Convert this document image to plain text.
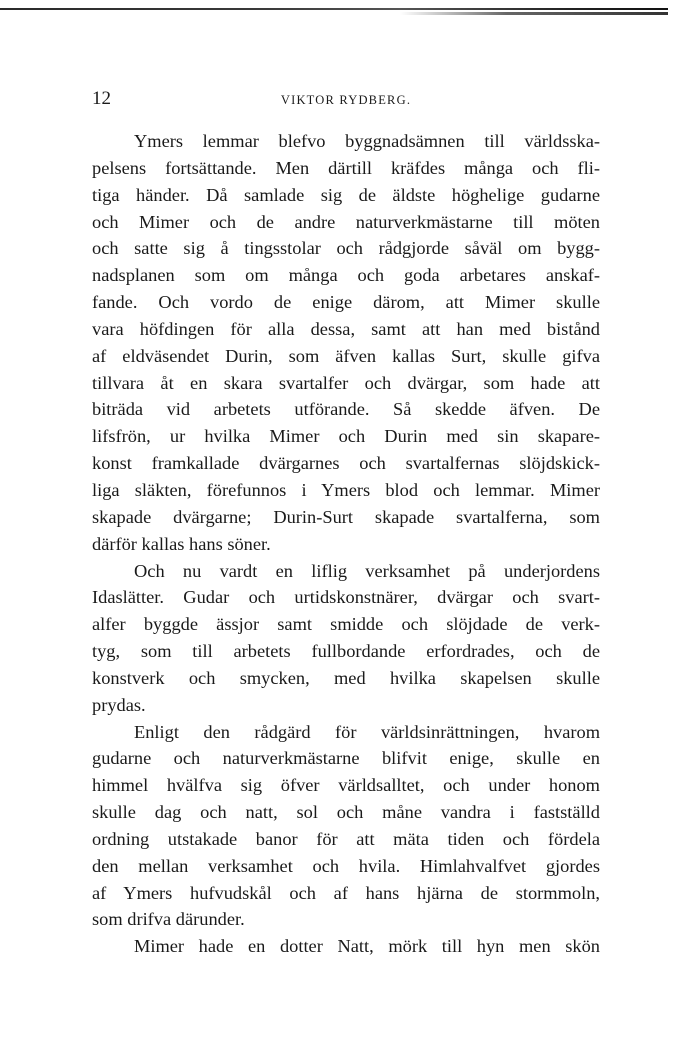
12	VIKTOR RYDBERG.
Ymers lemmar blefvo byggnadsämnen till världsska-
pelsens fortsättande. Men därtill kräfdes många och fli-
tiga händer. Då samlade sig de äldste höghelige gudarne
och Mimer och de andre naturverkmästarne till möten
och satte sig å tingsstolar och rådgjorde såväl om bygg-
nadsplanen som om många och goda arbetares anskaf-
fande. Och vordo de enige därom, att Mimer skulle
vara höfdingen för alla dessa, samt att han med bistånd
af eldväsendet Durin, som äfven kallas Surt, skulle gifva
tillvara åt en skara svartalfer och dvärgar, som hade att
biträda vid arbetets utförande. Så skedde äfven. De
lifsfrön, ur hvilka Mimer och Durin med sin skapare-
konst framkallade dvärgarnes och svartalfernas slöjdskick-
liga släkten, förefunnos i Ymers blod och lemmar. Mimer
skapade dvärgarne; Durin-Surt skapade svartalferna, som
därför kallas hans söner.
Och nu vardt en liflig verksamhet på underjordens
Idaslätter. Gudar och urtidskonstnärer, dvärgar och svart-
alfer byggde ässjor samt smidde och slöjdade de verk-
tyg, som till arbetets fullbordande erfordrades, och de
konstverk och smycken, med hvilka skapelsen skulle
prydas.
Enligt den rådgärd för världsinrättningen, hvarom
gudarne och naturverkmästarne blifvit enige, skulle en
himmel hvälfva sig öfver världsalltet, och under honom
skulle dag och natt, sol och måne vandra i fastställd
ordning utstakade banor för att mäta tiden och fördela
den mellan verksamhet och hvila. Himlahvalfvet gjordes
af Ymers hufvudskål och af hans hjärna de stormmoln,
som drifva därunder.
Mimer hade en dotter Natt, mörk till hyn men skön
